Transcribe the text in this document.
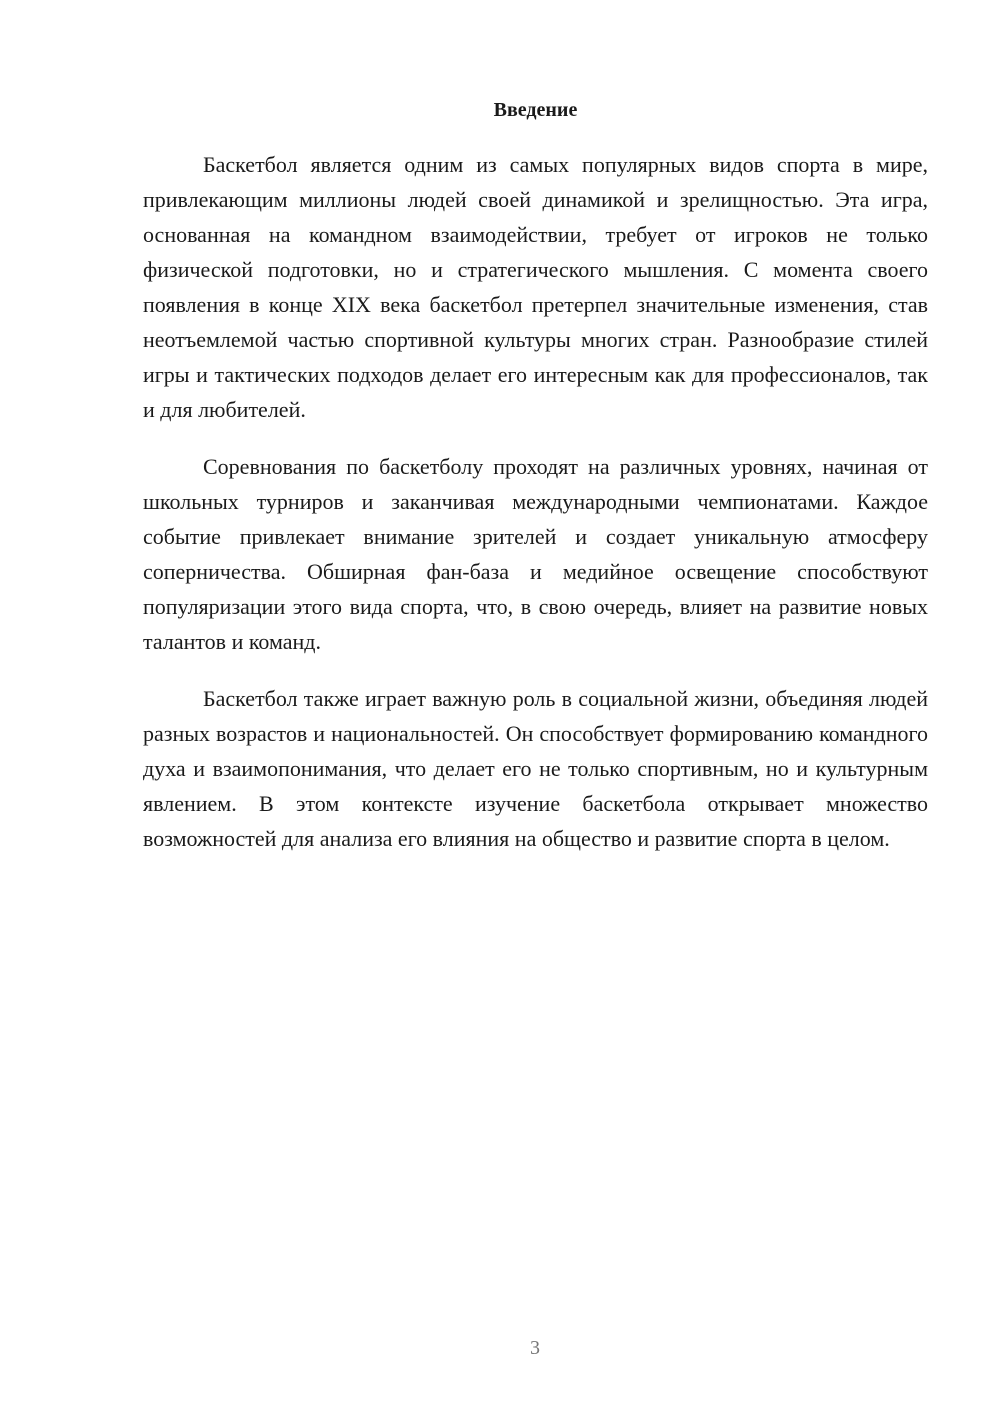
Введение

Баскетбол является одним из самых популярных видов спорта в мире, привлекающим миллионы людей своей динамикой и зрелищностью. Эта игра, основанная на командном взаимодействии, требует от игроков не только физической подготовки, но и стратегического мышления. С момента своего появления в конце XIX века баскетбол претерпел значительные изменения, став неотъемлемой частью спортивной культуры многих стран. Разнообразие стилей игры и тактических подходов делает его интересным как для профессионалов, так и для любителей.

Соревнования по баскетболу проходят на различных уровнях, начиная от школьных турниров и заканчивая международными чемпионатами. Каждое событие привлекает внимание зрителей и создает уникальную атмосферу соперничества. Обширная фан-база и медийное освещение способствуют популяризации этого вида спорта, что, в свою очередь, влияет на развитие новых талантов и команд.

Баскетбол также играет важную роль в социальной жизни, объединяя людей разных возрастов и национальностей. Он способствует формированию командного духа и взаимопонимания, что делает его не только спортивным, но и культурным явлением. В этом контексте изучение баскетбола открывает множество возможностей для анализа его влияния на общество и развитие спорта в целом.

3
